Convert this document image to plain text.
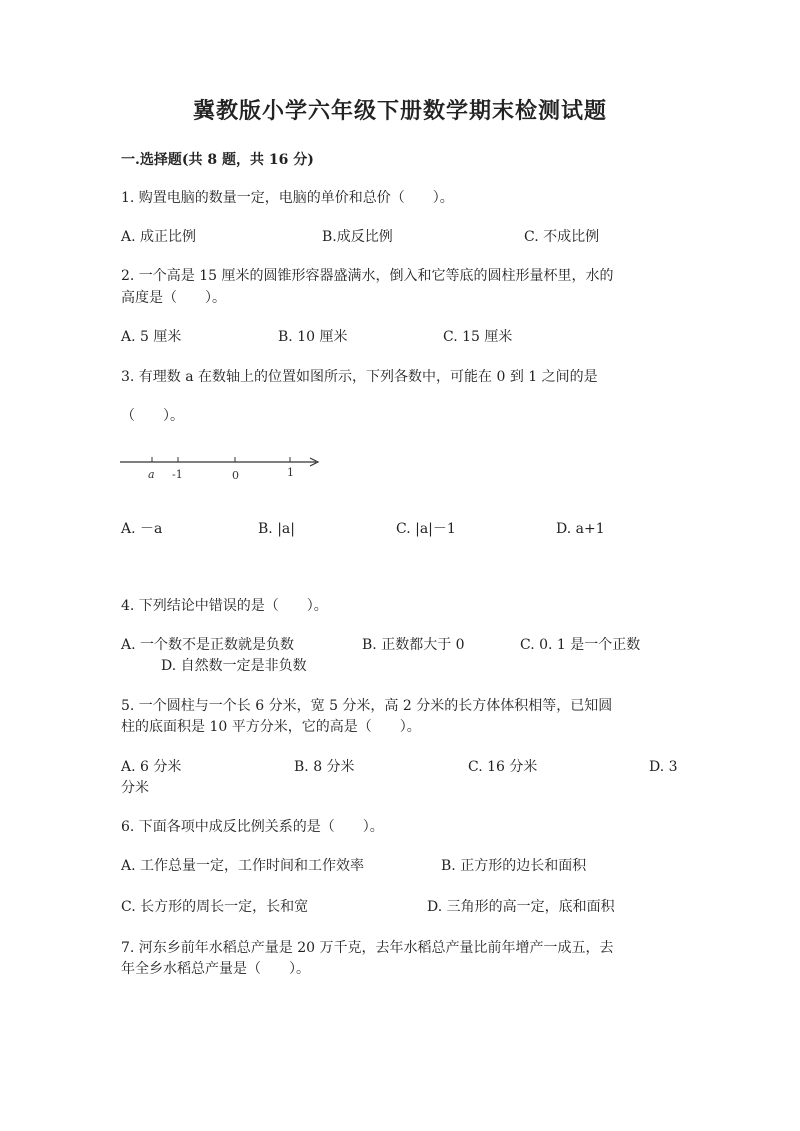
冀教版小学六年级下册数学期末检测试题
一.选择题(共 8 题，共 16 分)
1. 购置电脑的数量一定，电脑的单价和总价（　　）。
A. 成正比例	B.成反比例	C. 不成比例
2. 一个高是 15 厘米的圆锥形容器盛满水，倒入和它等底的圆柱形量杯里，水的
高度是（　　）。
A. 5 厘米	B. 10 厘米	C. 15 厘米
3. 有理数 a 在数轴上的位置如图所示，下列各数中，可能在 0 到 1 之间的是
（　　）。
a -1	0	1
A. －a	B. |a|	C. |a|－1	D. a+1
4. 下列结论中错误的是（　　）。
A. 一个数不是正数就是负数	B. 正数都大于 0	C. 0. 1 是一个正数
D. 自然数一定是非负数
5. 一个圆柱与一个长 6 分米，宽 5 分米，高 2 分米的长方体体积相等，已知圆
柱的底面积是 10 平方分米，它的高是（　　）。
A. 6 分米	B. 8 分米	C. 16 分米	D. 3
分米
6. 下面各项中成反比例关系的是（　　）。
A. 工作总量一定，工作时间和工作效率	B. 正方形的边长和面积
C. 长方形的周长一定，长和宽	D. 三角形的高一定，底和面积
7. 河东乡前年水稻总产量是 20 万千克，去年水稻总产量比前年增产一成五，去
年全乡水稻总产量是（　　）。
